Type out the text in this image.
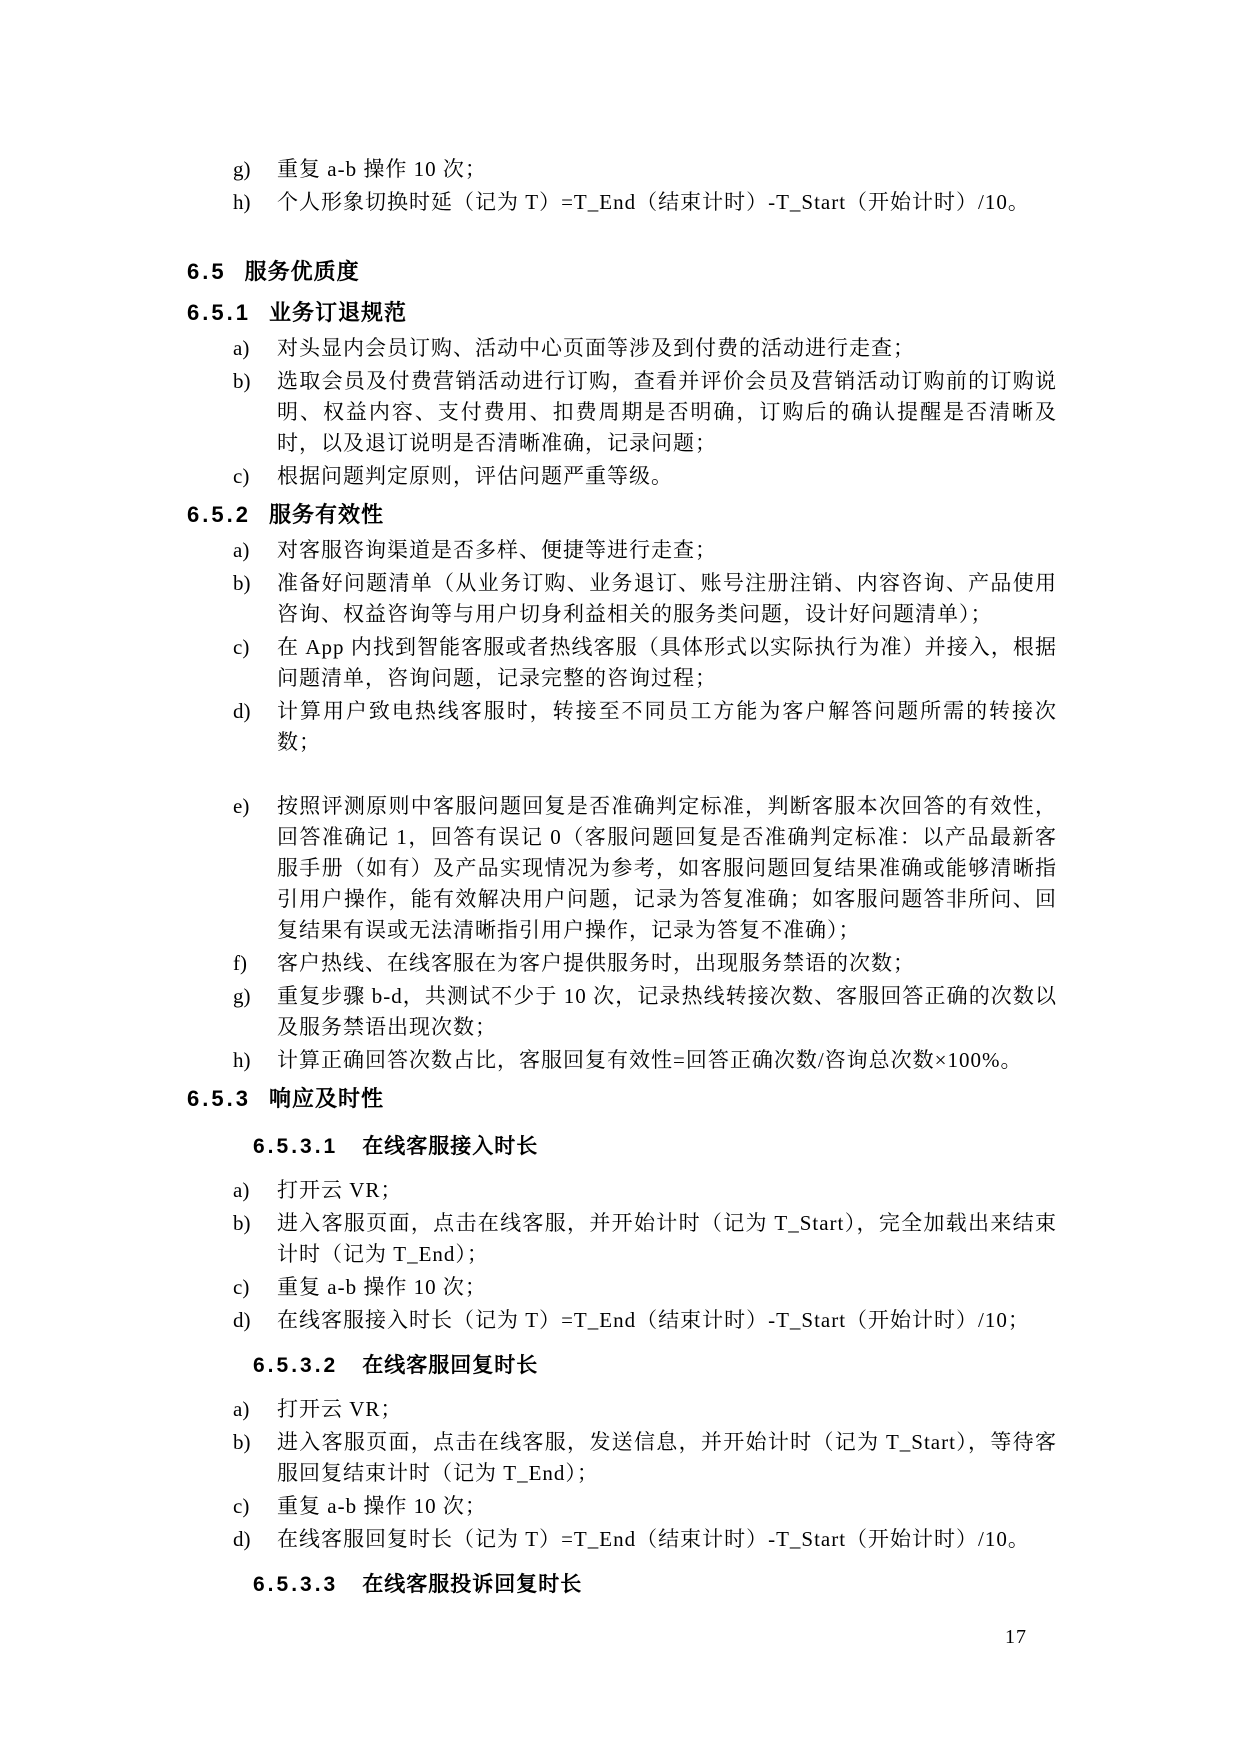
g) 重复 a-b 操作 10 次；
h) 个人形象切换时延（记为 T）=T_End（结束计时）-T_Start（开始计时）/10。
6.5 服务优质度
6.5.1 业务订退规范
a) 对头显内会员订购、活动中心页面等涉及到付费的活动进行走查；
b) 选取会员及付费营销活动进行订购，查看并评价会员及营销活动订购前的订购说明、权益内容、支付费用、扣费周期是否明确，订购后的确认提醒是否清晰及时，以及退订说明是否清晰准确，记录问题；
c) 根据问题判定原则，评估问题严重等级。
6.5.2 服务有效性
a) 对客服咨询渠道是否多样、便捷等进行走查；
b) 准备好问题清单（从业务订购、业务退订、账号注册注销、内容咨询、产品使用咨询、权益咨询等与用户切身利益相关的服务类问题，设计好问题清单）；
c) 在 App 内找到智能客服或者热线客服（具体形式以实际执行为准）并接入，根据问题清单，咨询问题，记录完整的咨询过程；
d) 计算用户致电热线客服时，转接至不同员工方能为客户解答问题所需的转接次数；
e) 按照评测原则中客服问题回复是否准确判定标准，判断客服本次回答的有效性，回答准确记 1，回答有误记 0（客服问题回复是否准确判定标准：以产品最新客服手册（如有）及产品实现情况为参考，如客服问题回复结果准确或能够清晰指引用户操作，能有效解决用户问题，记录为答复准确；如客服问题答非所问、回复结果有误或无法清晰指引用户操作，记录为答复不准确）；
f) 客户热线、在线客服在为客户提供服务时，出现服务禁语的次数；
g) 重复步骤 b-d，共测试不少于 10 次，记录热线转接次数、客服回答正确的次数以及服务禁语出现次数；
h) 计算正确回答次数占比，客服回复有效性=回答正确次数/咨询总次数×100%。
6.5.3 响应及时性
6.5.3.1 在线客服接入时长
a) 打开云 VR；
b) 进入客服页面，点击在线客服，并开始计时（记为 T_Start），完全加载出来结束计时（记为 T_End）；
c) 重复 a-b 操作 10 次；
d) 在线客服接入时长（记为 T）=T_End（结束计时）-T_Start（开始计时）/10；
6.5.3.2 在线客服回复时长
a) 打开云 VR；
b) 进入客服页面，点击在线客服，发送信息，并开始计时（记为 T_Start），等待客服回复结束计时（记为 T_End）；
c) 重复 a-b 操作 10 次；
d) 在线客服回复时长（记为 T）=T_End（结束计时）-T_Start（开始计时）/10。
6.5.3.3 在线客服投诉回复时长
17
